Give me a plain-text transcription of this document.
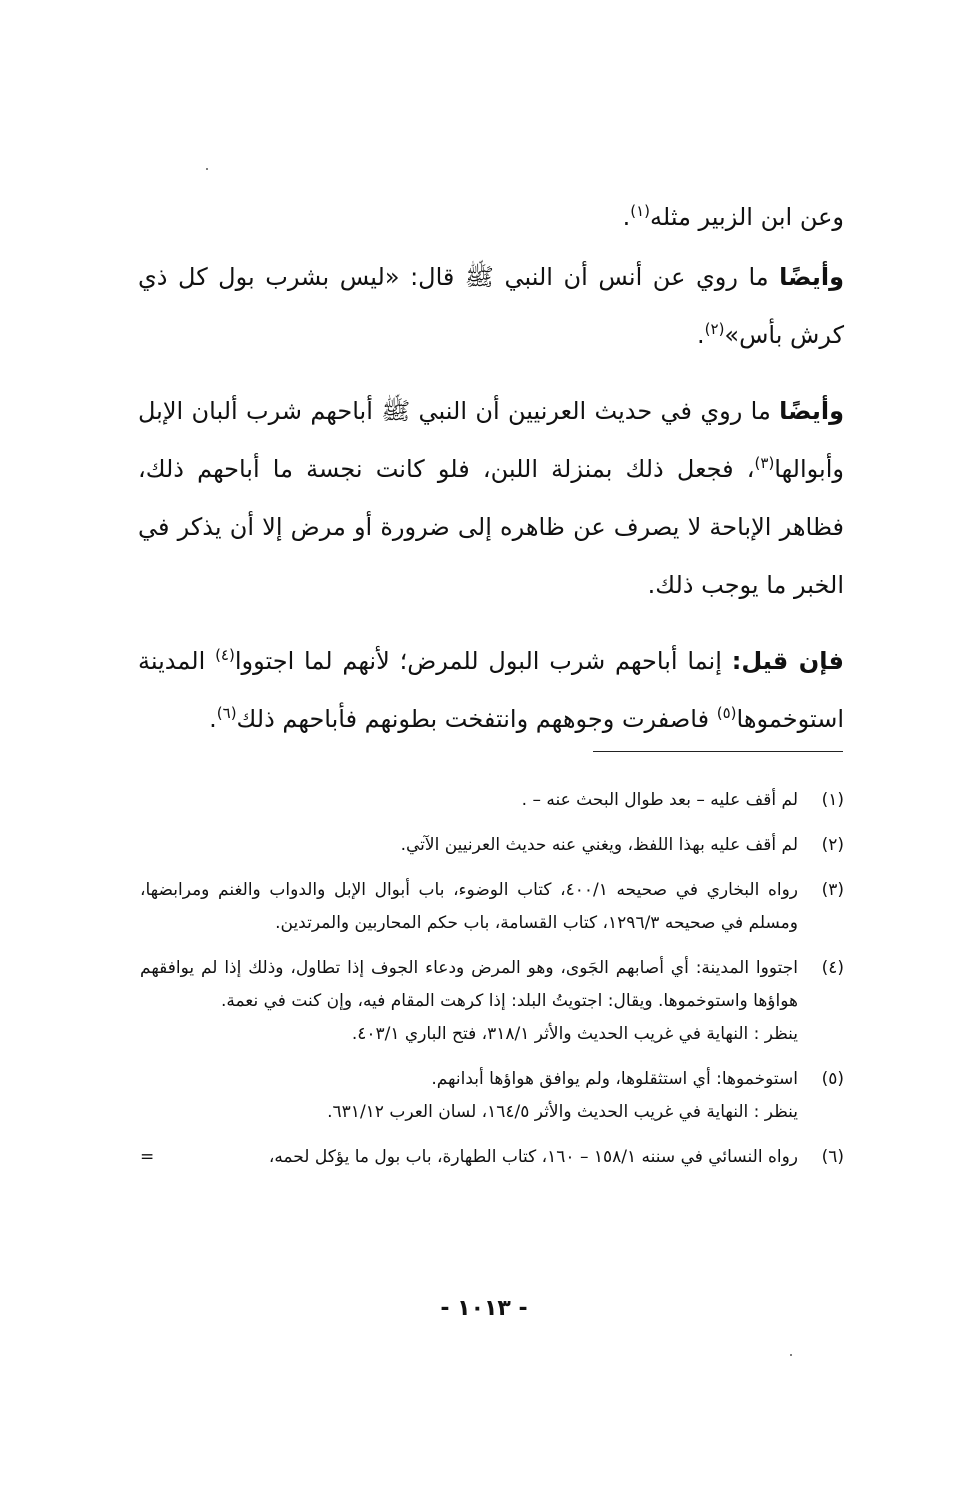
وعن ابن الزبير مثله$^{(١)}$.

وأيضًا ما روي عن أنس أن النبي ﷺ قال: «ليس بشرب بول كل ذي كرش بأس»$^{(٢)}$.

وأيضًا ما روي في حديث العرنيين أن النبي ﷺ أباحهم شرب ألبان الإبل وأبوالها$^{(٣)}$، فجعل ذلك بمنزلة اللبن، فلو كانت نجسة ما أباحهم ذلك، فظاهر الإباحة لا يصرف عن ظاهره إلى ضرورة أو مرض إلا أن يذكر في الخبر ما يوجب ذلك.

فإن قيل: إنما أباحهم شرب البول للمرض؛ لأنهم لما اجتووا$^{(٤)}$ المدينة استوخموها$^{(٥)}$ فاصفرت وجوههم وانتفخت بطونهم فأباحهم ذلك$^{(٦)}$.

(١)
لم أقف عليه – بعد طوال البحث عنه – .
(٢)
لم أقف عليه بهذا اللفظ، ويغني عنه حديث العرنيين الآتي.
(٣)
رواه البخاري في صحيحه ٤٠٠/١، كتاب الوضوء، باب أبوال الإبل والدواب والغنم ومرابضها، ومسلم في صحيحه ١٢٩٦/٣، كتاب القسامة، باب حكم المحاربين والمرتدين.
(٤)
اجتووا المدينة: أي أصابهم الجَوى، وهو المرض ودعاء الجوف إذا تطاول، وذلك إذا لم يوافقهم هواؤها واستوخموها. ويقال: اجتويتُ البلد: إذا كرهت المقام فيه، وإن كنت في نعمة.
ينظر : النهاية في غريب الحديث والأثر ٣١٨/١، فتح الباري ٤٠٣/١.
(٥)
استوخموها: أي استثقلوها، ولم يوافق هواؤها أبدانهم.
ينظر : النهاية في غريب الحديث والأثر ١٦٤/٥، لسان العرب ٦٣١/١٢.
(٦)
رواه النسائي في سننه ١٥٨/١ – ١٦٠، كتاب الطهارة، باب بول ما يؤكل لحمه،
=
- ١٠١٣ -
